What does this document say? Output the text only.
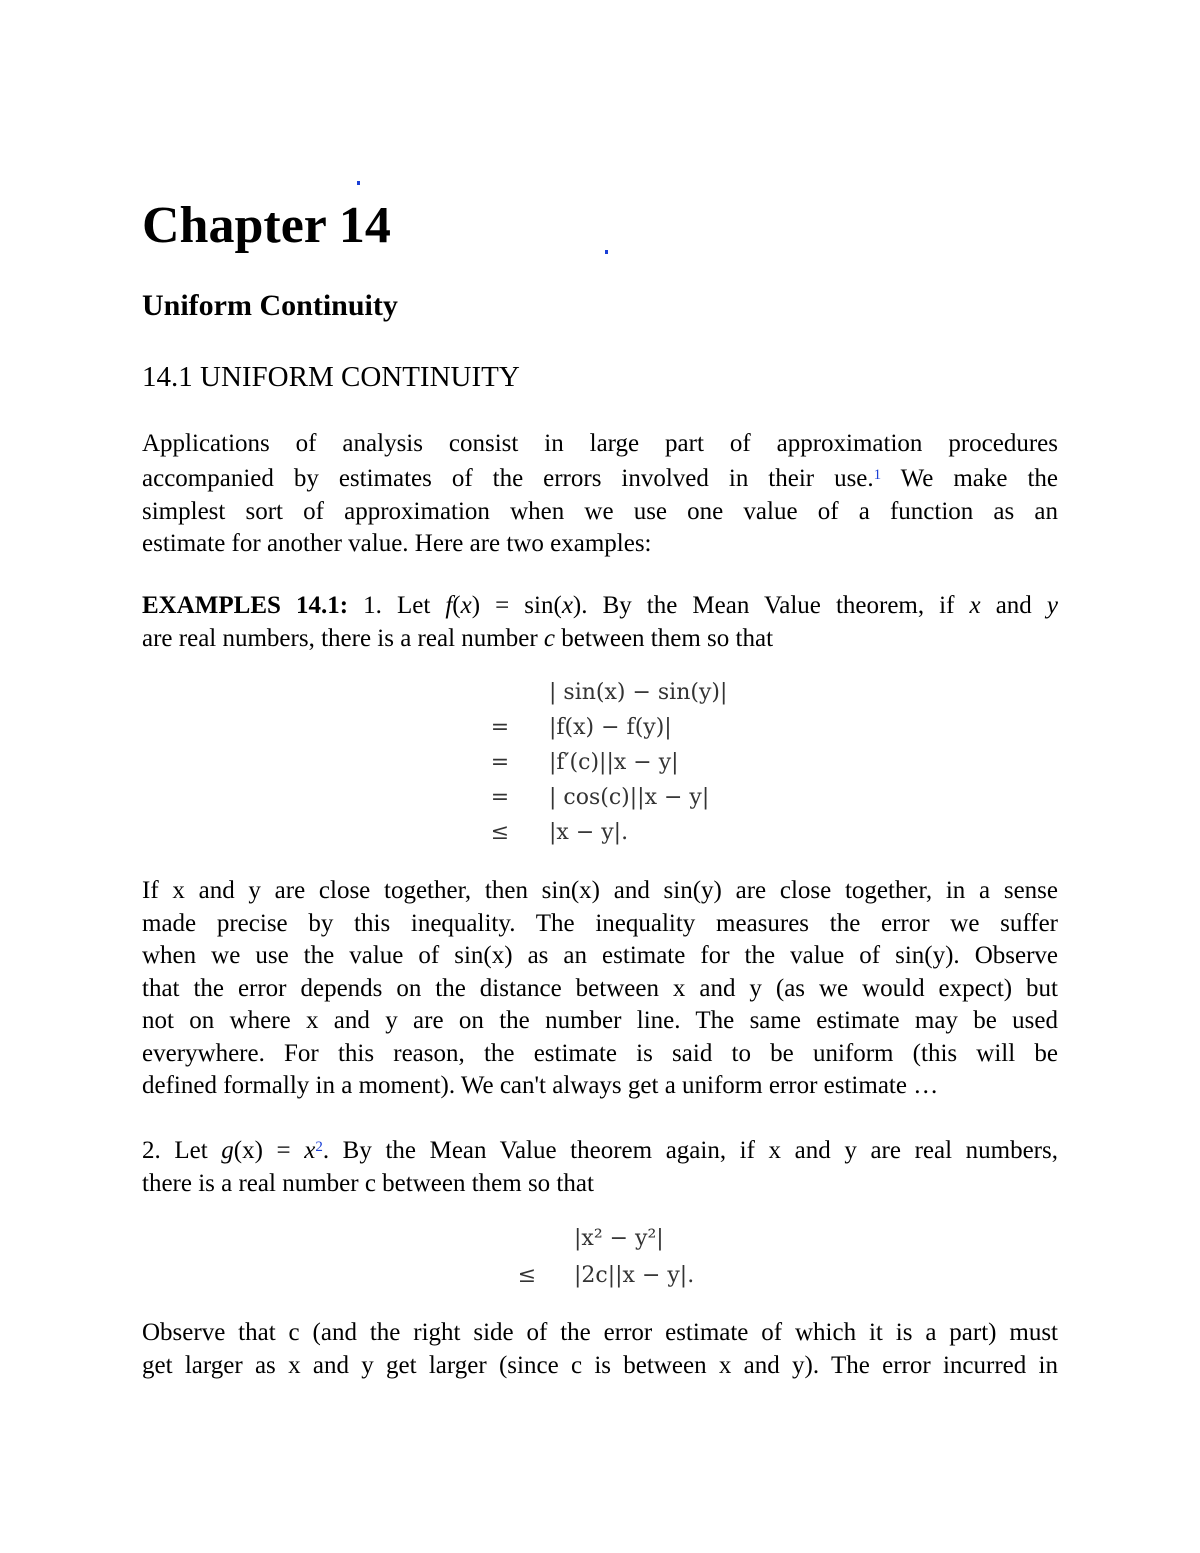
Chapter 14
Uniform Continuity
14.1 UNIFORM CONTINUITY
Applications of analysis consist in large part of approximation procedures
accompanied by estimates of the errors involved in their use.$^1$ We make the
simplest sort of approximation when we use one value of a function as an
estimate for another value. Here are two examples:
EXAMPLES 14.1: 1. Let f(x) = sin(x). By the Mean Value theorem, if x and y
are real numbers, there is a real number c between them so that
| sin(x) − sin(y)|
= |f(x) − f(y)|
= |f′(c)||x − y|
= | cos(c)||x − y|
≤ |x − y|.
If x and y are close together, then sin(x) and sin(y) are close together, in a sense
made precise by this inequality. The inequality measures the error we suffer
when we use the value of sin(x) as an estimate for the value of sin(y). Observe
that the error depends on the distance between x and y (as we would expect) but
not on where x and y are on the number line. The same estimate may be used
everywhere. For this reason, the estimate is said to be uniform (this will be
defined formally in a moment). We can't always get a uniform error estimate …
2. Let $g(x) = x^2$. By the Mean Value theorem again, if x and y are real numbers,
there is a real number c between them so that
|x² − y²|
≤ |2c||x − y|.
Observe that c (and the right side of the error estimate of which it is a part) must
get larger as x and y get larger (since c is between x and y). The error incurred in
